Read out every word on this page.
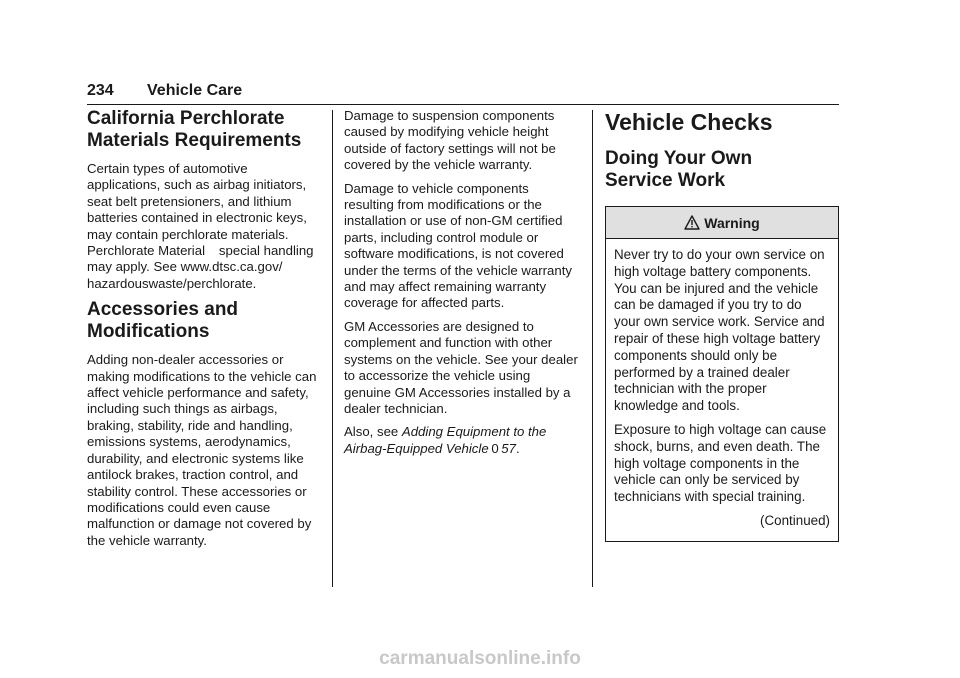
234 Vehicle Care
California Perchlorate
Materials Requirements

Certain types of automotive applications, such as airbag initiators, seat belt pretensioners, and lithium batteries contained in electronic keys, may contain perchlorate materials. Perchlorate Material   special handling may apply. See www.dtsc.ca.gov/ hazardouswaste/perchlorate.

Accessories and
Modifications

Adding non-dealer accessories or making modifications to the vehicle can affect vehicle performance and safety, including such things as airbags, braking, stability, ride and handling, emissions systems, aerodynamics, durability, and electronic systems like antilock brakes, traction control, and stability control. These accessories or modifications could even cause malfunction or damage not covered by the vehicle warranty.

Damage to suspension components caused by modifying vehicle height outside of factory settings will not be covered by the vehicle warranty.

Damage to vehicle components resulting from modifications or the installation or use of non-GM certified parts, including control module or software modifications, is not covered under the terms of the vehicle warranty and may affect remaining warranty coverage for affected parts.

GM Accessories are designed to complement and function with other systems on the vehicle. See your dealer to accessorize the vehicle using genuine GM Accessories installed by a dealer technician.

Also, see Adding Equipment to the Airbag-Equipped Vehicle  0  57.

Vehicle Checks
Doing Your Own
Service Work
Warning

Never try to do your own service on high voltage battery components. You can be injured and the vehicle can be damaged if you try to do your own service work. Service and repair of these high voltage battery components should only be performed by a trained dealer technician with the proper knowledge and tools.

Exposure to high voltage can cause shock, burns, and even death. The high voltage components in the vehicle can only be serviced by technicians with special training.

(Continued)

carmanualsonline.info
